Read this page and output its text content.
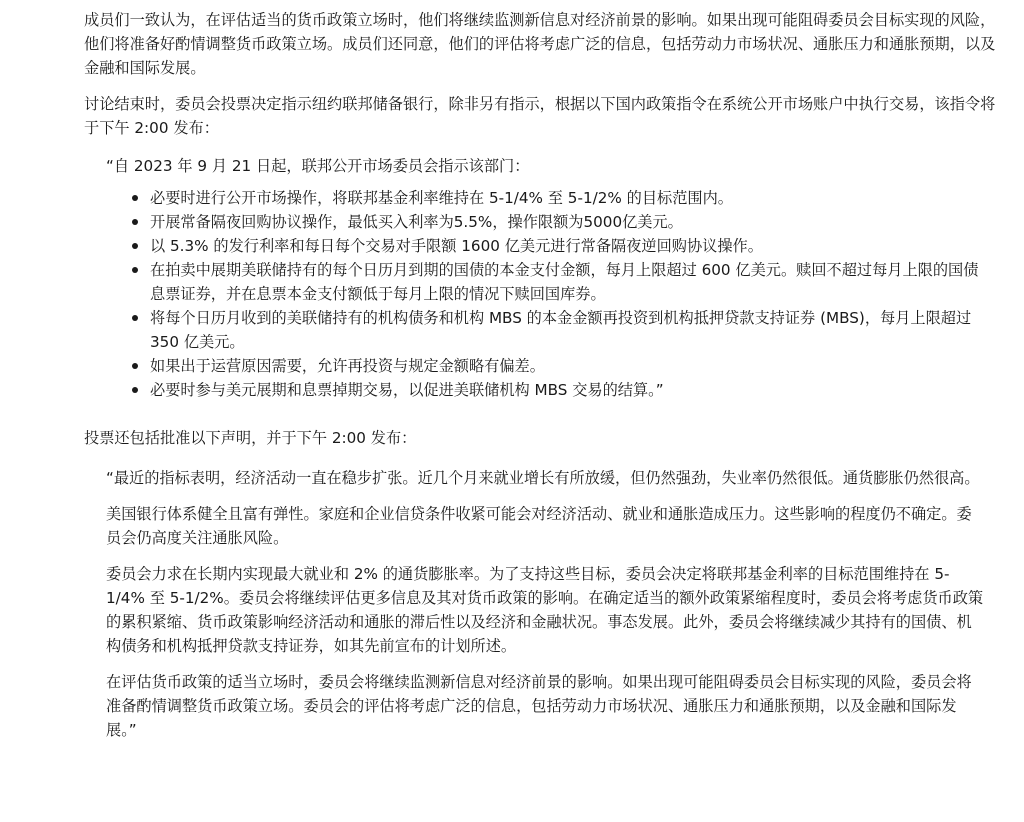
成员们一致认为，在评估适当的货币政策立场时，他们将继续监测新信息对经济前景的影响。如果出现可能阻碍委员会目标实现的风险，他们将准备好酌情调整货币政策立场。成员们还同意，他们的评估将考虑广泛的信息，包括劳动力市场状况、通胀压力和通胀预期，以及金融和国际发展。

讨论结束时，委员会投票决定指示纽约联邦储备银行，除非另有指示，根据以下国内政策指令在系统公开市场账户中执行交易，该指令将于下午 2:00 发布：

“自 2023 年 9 月 21 日起，联邦公开市场委员会指示该部门：

必要时进行公开市场操作，将联邦基金利率维持在 5-1/4% 至 5-1/2% 的目标范围内。
开展常备隔夜回购协议操作，最低买入利率为5.5%，操作限额为5000亿美元。
以 5.3% 的发行利率和每日每个交易对手限额 1600 亿美元进行常备隔夜逆回购协议操作。
在拍卖中展期美联储持有的每个日历月到期的国债的本金支付金额，每月上限超过 600 亿美元。赎回不超过每月上限的国债息票证券，并在息票本金支付额低于每月上限的情况下赎回国库券。
将每个日历月收到的美联储持有的机构债务和机构 MBS 的本金金额再投资到机构抵押贷款支持证券 (MBS)，每月上限超过 350 亿美元。
如果出于运营原因需要，允许再投资与规定金额略有偏差。
必要时参与美元展期和息票掉期交易，以促进美联储机构 MBS 交易的结算。”

投票还包括批准以下声明，并于下午 2:00 发布：

“最近的指标表明，经济活动一直在稳步扩张。近几个月来就业增长有所放缓，但仍然强劲，失业率仍然很低。通货膨胀仍然很高。

美国银行体系健全且富有弹性。家庭和企业信贷条件收紧可能会对经济活动、就业和通胀造成压力。这些影响的程度仍不确定。委员会仍高度关注通胀风险。

委员会力求在长期内实现最大就业和 2% 的通货膨胀率。为了支持这些目标，委员会决定将联邦基金利率的目标范围维持在 5-1/4% 至 5-1/2%。委员会将继续评估更多信息及其对货币政策的影响。在确定适当的额外政策紧缩程度时，委员会将考虑货币政策的累积紧缩、货币政策影响经济活动和通胀的滞后性以及经济和金融状况。事态发展。此外，委员会将继续减少其持有的国债、机构债务和机构抵押贷款支持证券，如其先前宣布的计划所述。

在评估货币政策的适当立场时，委员会将继续监测新信息对经济前景的影响。如果出现可能阻碍委员会目标实现的风险，委员会将准备酌情调整货币政策立场。委员会的评估将考虑广泛的信息，包括劳动力市场状况、通胀压力和通胀预期，以及金融和国际发展。”
